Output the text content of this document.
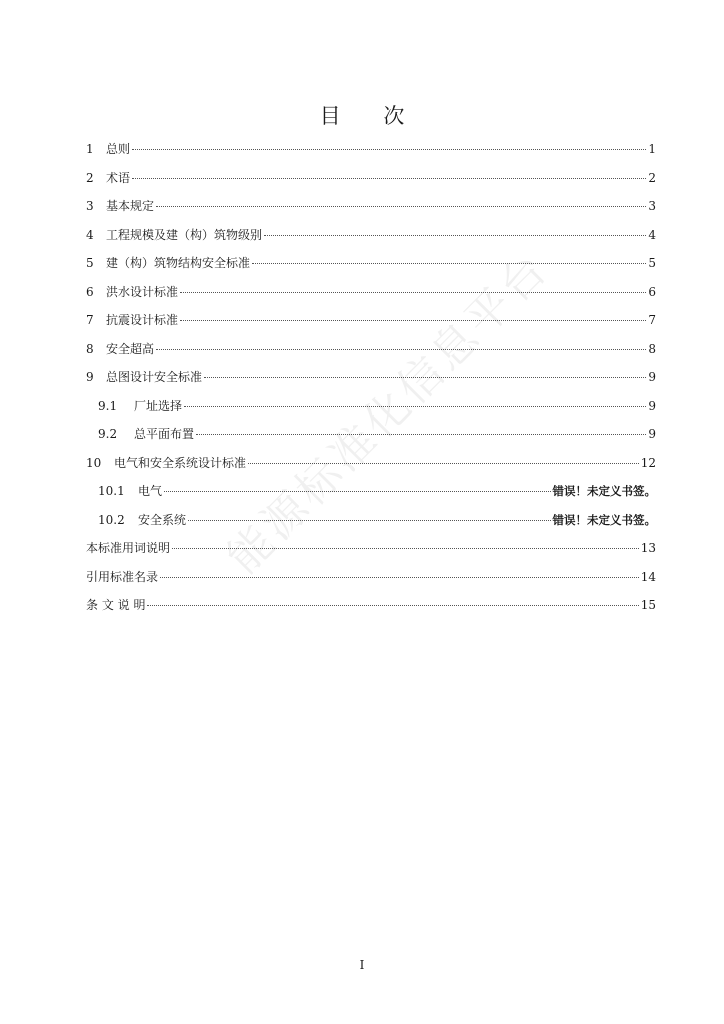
目 次
1	总则	1
2	术语	2
3	基本规定	3
4	工程规模及建（构）筑物级别	4
5	建（构）筑物结构安全标准	5
6	洪水设计标准	6
7	抗震设计标准	7
8	安全超高	8
9	总图设计安全标准	9
9.1	厂址选择	9
9.2	总平面布置	9
10	电气和安全系统设计标准	12
10.1	电气	错误！未定义书签。
10.2	安全系统	错误！未定义书签。
本标准用词说明	13
引用标准名录	14
条 文 说 明	15
能源标准化信息平台
I
